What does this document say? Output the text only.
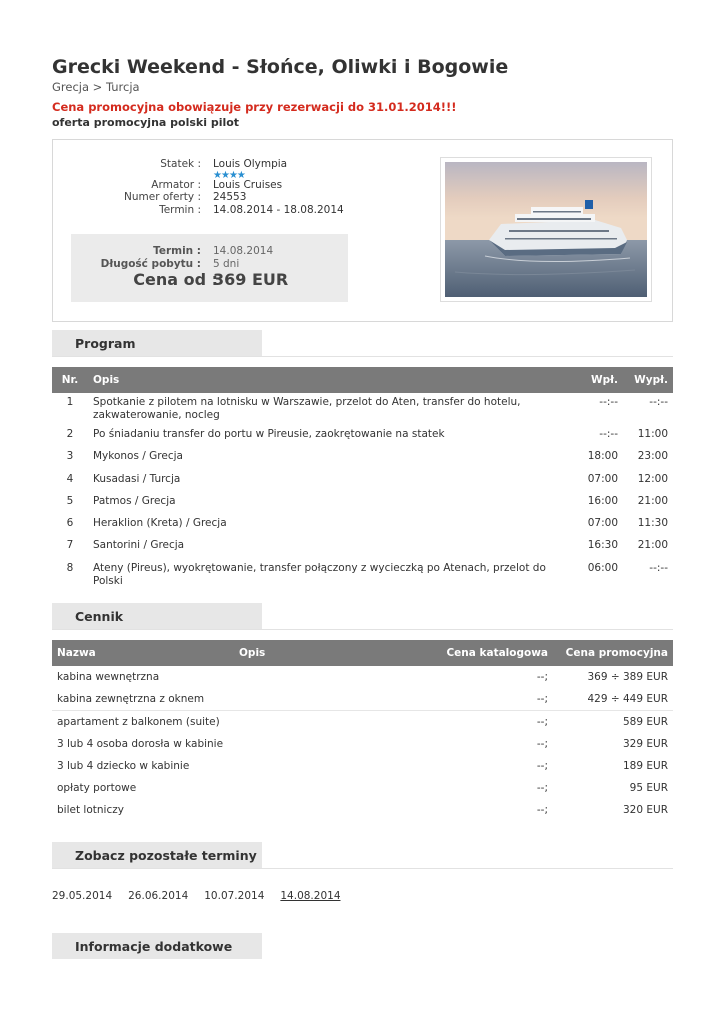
Grecki Weekend - Słońce, Oliwki i Bogowie
Grecja > Turcja
Cena promocyjna obowiązuje przy rezerwacji do 31.01.2014!!!
oferta promocyjna polski pilot
Statek : Louis Olympia
Armator : Louis Cruises
Numer oferty : 24553
Termin : 14.08.2014 - 18.08.2014
★★★★
Termin : 14.08.2014
Długość pobytu : 5 dni
Cena od :
369 EUR
Program
Nr.	Opis	Wpł.	Wypł.
1	Spotkanie z pilotem na lotnisku w Warszawie, przelot do Aten, transfer do hotelu, zakwaterowanie, nocleg	--:--	--:--
2	Po śniadaniu transfer do portu w Pireusie, zaokrętowanie na statek	--:--	11:00
3	Mykonos / Grecja	18:00	23:00
4	Kusadasi / Turcja	07:00	12:00
5	Patmos / Grecja	16:00	21:00
6	Heraklion (Kreta) / Grecja	07:00	11:30
7	Santorini / Grecja	16:30	21:00
8	Ateny (Pireus), wyokrętowanie, transfer połączony z wycieczką po Atenach, przelot do Polski	06:00	--:--
Cennik
Nazwa	Opis	Cena katalogowa	Cena promocyjna
kabina wewnętrzna		--;	369 ÷ 389 EUR
kabina zewnętrzna z oknem		--;	429 ÷ 449 EUR
apartament z balkonem (suite)		--;	589 EUR
3 lub 4 osoba dorosła w kabinie		--;	329 EUR
3 lub 4 dziecko w kabinie		--;	189 EUR
opłaty portowe		--;	95 EUR
bilet lotniczy		--;	320 EUR
Zobacz pozostałe terminy
29.05.2014 26.06.2014 10.07.2014 14.08.2014
Informacje dodatkowe
